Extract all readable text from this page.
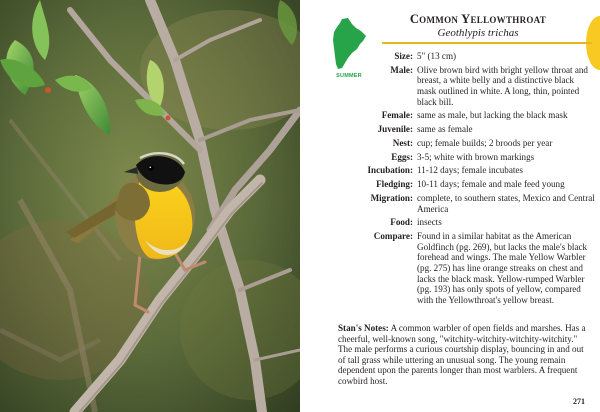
SUMMER
Common Yellowthroat
Geothlypis trichas
Size:	5" (13 cm)
Male:	Olive brown bird with bright yellow throat and breast, a white belly and a distinctive black mask outlined in white. A long, thin, pointed black bill.
Female:	same as male, but lacking the black mask
Juvenile:	same as female
Nest:	cup; female builds; 2 broods per year
Eggs:	3-5; white with brown markings
Incubation:	11-12 days; female incubates
Fledging:	10-11 days; female and male feed young
Migration:	complete, to southern states, Mexico and Central America
Food:	insects
Compare:	Found in a similar habitat as the American Goldfinch (pg. 269), but lacks the male's black forehead and wings. The male Yellow Warbler (pg. 275) has line orange streaks on chest and lacks the black mask. Yellow-rumped Warbler (pg. 193) has only spots of yellow, compared with the Yellowthroat's yellow breast.

Stan's Notes: A common warbler of open fields and marshes. Has a cheerful, well-known song, "witchity-witchity-witchity-witchity." The male performs a curious courtship display, bouncing in and out of tall grass while uttering an unusual song. The young remain dependent upon the parents longer than most warblers. A frequent cowbird host.

271
